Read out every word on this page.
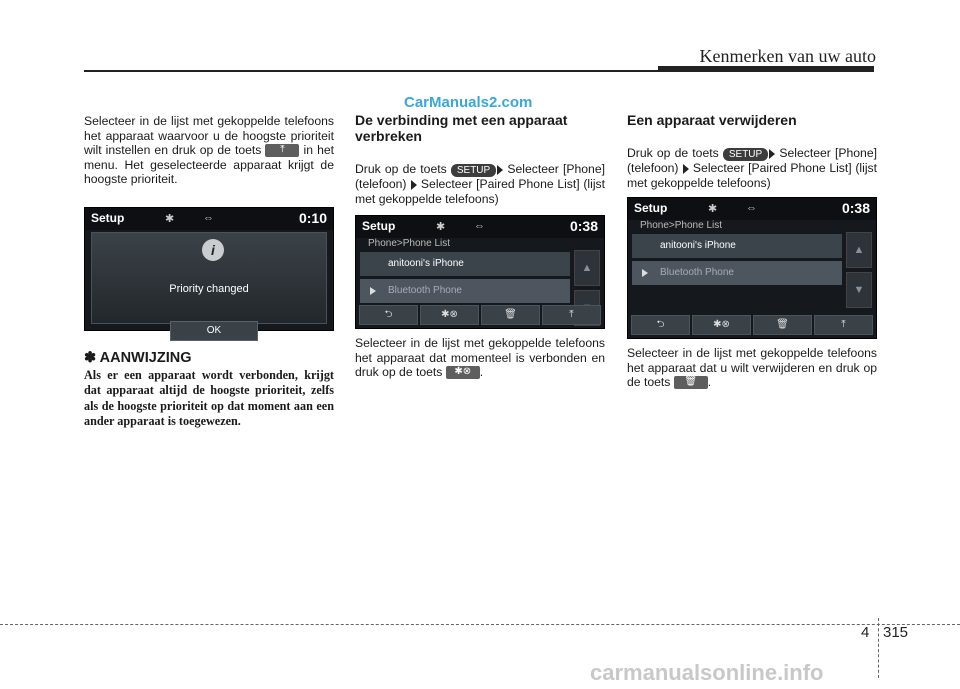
Kenmerken van uw auto
CarManuals2.com

Selecteer in de lijst met gekoppelde telefoons het apparaat waarvoor u de hoogste prioriteit wilt instellen en druk op de toets ⤒ in het menu. Het geselecteerde apparaat krijgt de hoogste prioriteit.

Setup	✱	⇔	0:10
i
Priority changed
OK
✽ AANWIJZING

Als er een apparaat wordt verbonden, krijgt dat apparaat altijd de hoogste prioriteit, zelfs als de hoogste prioriteit op dat moment aan een ander apparaat is toegewezen.

De verbinding met een apparaat verbreken

Druk op de toets SETUP Selecteer [Phone] (telefoon) Selecteer [Paired Phone List] (lijst met gekoppelde telefoons)

Setup	✱	⇔	0:38
Phone>Phone List
anitooni's iPhone
Bluetooth Phone
▲
⮌	✱⊗	🗑	⤒

Selecteer in de lijst met gekoppelde telefoons het apparaat dat momenteel is verbonden en druk op de toets ✱⊗ .

Een apparaat verwijderen

Druk op de toets SETUP Selecteer [Phone] (telefoon) Selecteer [Paired Phone List] (lijst met gekoppelde telefoons)

Setup	✱	⇔	0:38
Phone>Phone List
anitooni's iPhone
Bluetooth Phone
▲
▼
⮌	✱⊗	🗑	⤒

Selecteer in de lijst met gekoppelde telefoons het apparaat dat u wilt verwijderen en druk op de toets 🗑 .

4 315
carmanualsonline.info
